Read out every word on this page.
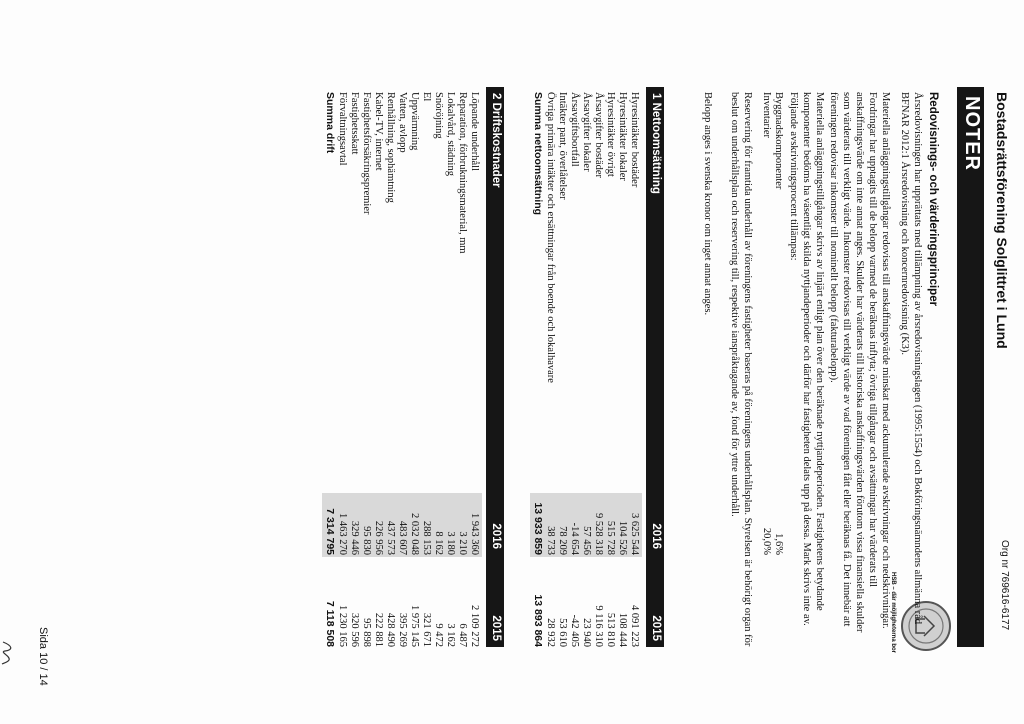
NOTER
HSB – där möjligheterna bor
Bostadsrättsförening Solglittret i Lund
Org nr 769616-6177
Redovisnings- och värderingsprinciper
Årsredovisningen har upprättats med tillämpning av årsredovisningslagen (1995:1554) och Bokföringsnämndens allmänna råd BFNAR 2012:1 Årsredovisning och koncernredovisning (K3).
Materiella anläggningstillgångar redovisas till anskaffningsvärde minskat med ackumulerade avskrivningar och nedskrivningar. Fordringar har upptagits till de belopp varmed de beräknas inflyta; övriga tillgångar och avsättningar har värderats till anskaffningsvärde om inte annat anges. Skulder har värderats till historiska anskaffningsvärden förutom vissa finansiella skulder som värderats till verkligt värde. Inkomster redovisas till verkligt värde av vad föreningen fått eller beräknas få. Det innebär att föreningen redovisar inkomster till nominellt belopp (fakturabelopp).
Materiella anläggningstillgångar skrivs av linjärt enligt plan över den beräknade nyttjandeperioden. Fastighetens betydande komponenter bedöms ha väsentligt skilda nyttjandeperioder och därför har fastigheten delats upp på dessa. Mark skrivs inte av. Följande avskrivningsprocent tillämpas:
Byggnadskomponenter
1,6%
Inventarier
20,0%
Reservering för framtida underhåll av föreningens fastigheter baseras på föreningens underhållsplan. Styrelsen är behörigt organ för beslut om underhållsplan och reservering till, respektive ianspråktagande av, fond för yttre underhåll.
Belopp anges i svenska kronor om inget annat anges.
1 Nettoomsättning
2016
2015
Hyresintäkter bostäder
3 625 544
4 091 223
Hyresintäkter lokaler
104 526
108 444
Hyresintäkter övrigt
515 728
513 810
Årsavgifter bostäder
9 528 318
9 116 310
Årsavgifter lokaler
57 456
23 940
Årsavgiftsbortfall
-14 654
-42 405
Intäkter pant, överlåtelser
78 209
53 610
Övriga primära intäkter och ersättningar från boende och lokalhavare
38 733
28 932
Summa nettoomsättning
13 933 859
13 893 864
2 Driftskostnader
2016
2015
Löpande underhåll
1 943 360
2 109 272
Reparation, förbrukningsmaterial, mm
3 210
6 487
Lokalvård, städning
3 180
3 162
Snöröjning
8 162
9 472
El
288 153
321 671
Uppvärmning
2 032 048
1 975 145
Vatten, avlopp
483 607
395 269
Renhållning, sophämtning
437 573
428 490
Kabel-TV, internet
226 956
222 881
Fastighetsförsäkringspremier
95 830
95 898
Fastighetsskatt
329 446
320 596
Förvaltningsavtal
1 463 270
1 230 165
Summa drift
7 314 795
7 118 508
Sida 10 / 14
